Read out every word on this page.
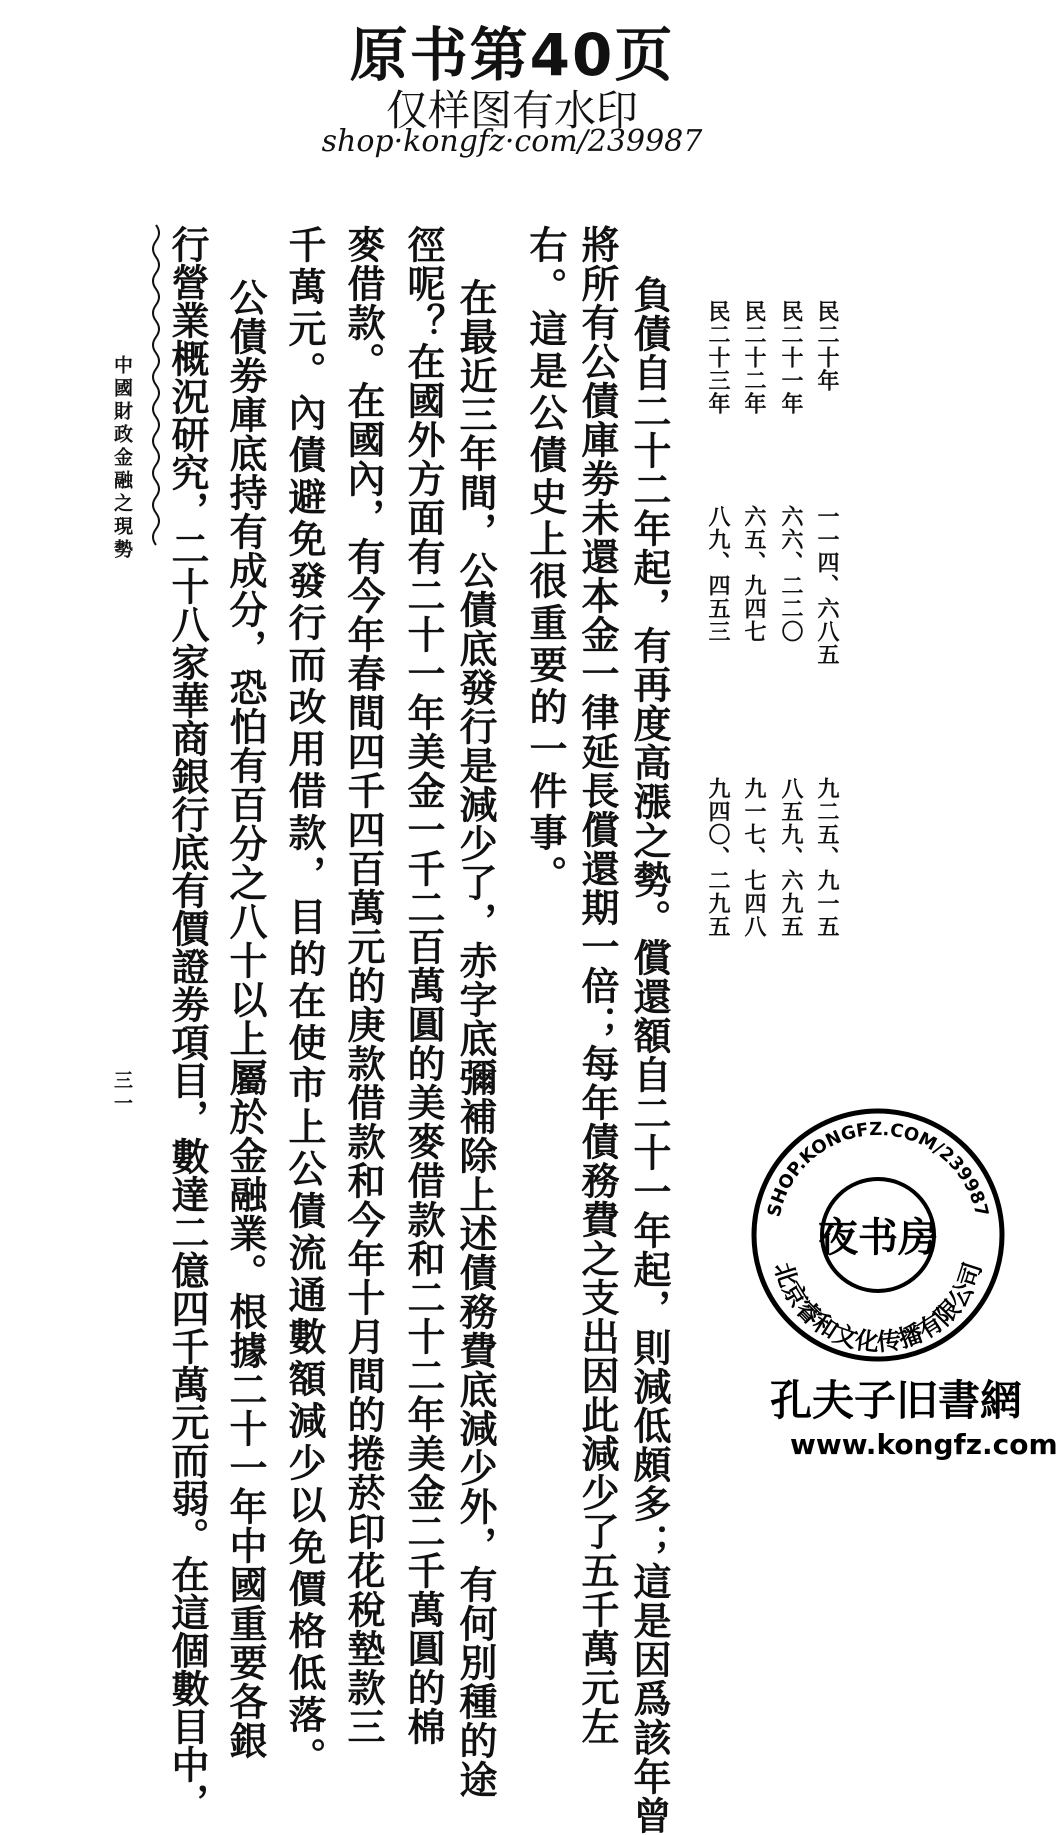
原书第40页
仅样图有水印
shop·kongfz·com/239987
民二十年
一一四、六八五
九二五、九一五
民二十一年
六六、二二〇
八五九、六九五
民二十二年
六五、九四七
九一七、七四八
民二十三年
八九、四五三
九四〇、二九五
負債自二十二年起，有再度高漲之勢。償還額自二十一年起，則減低頗多；這是因爲該年曾
將所有公債庫劵未還本金一律延長償還期一倍；每年債務費之支出因此減少了五千萬元左
右。這是公債史上很重要的一件事。
在最近三年間，公債底發行是減少了，赤字底彌補除上述債務費底減少外，有何別種的途
徑呢？在國外方面有二十一年美金一千二百萬圓的美麥借款和二十二年美金二千萬圓的棉
麥借款。在國內，有今年春間四千四百萬元的庚款借款和今年十月間的捲菸印花稅墊款三
千萬元。內債避免發行而改用借款，目的在使市上公債流通數額減少以免價格低落。
公債劵庫底持有成分，恐怕有百分之八十以上屬於金融業。根據二十一年中國重要各銀
行營業概況研究，二十八家華商銀行底有價證劵項目，數達二億四千萬元而弱。在這個數目中，
中國財政金融之現勢
三一
SHOP.KONGFZ.COM/239987
北京睿和文化传播有限公司
夜书房
孔夫子旧書網
www.kongfz.com
